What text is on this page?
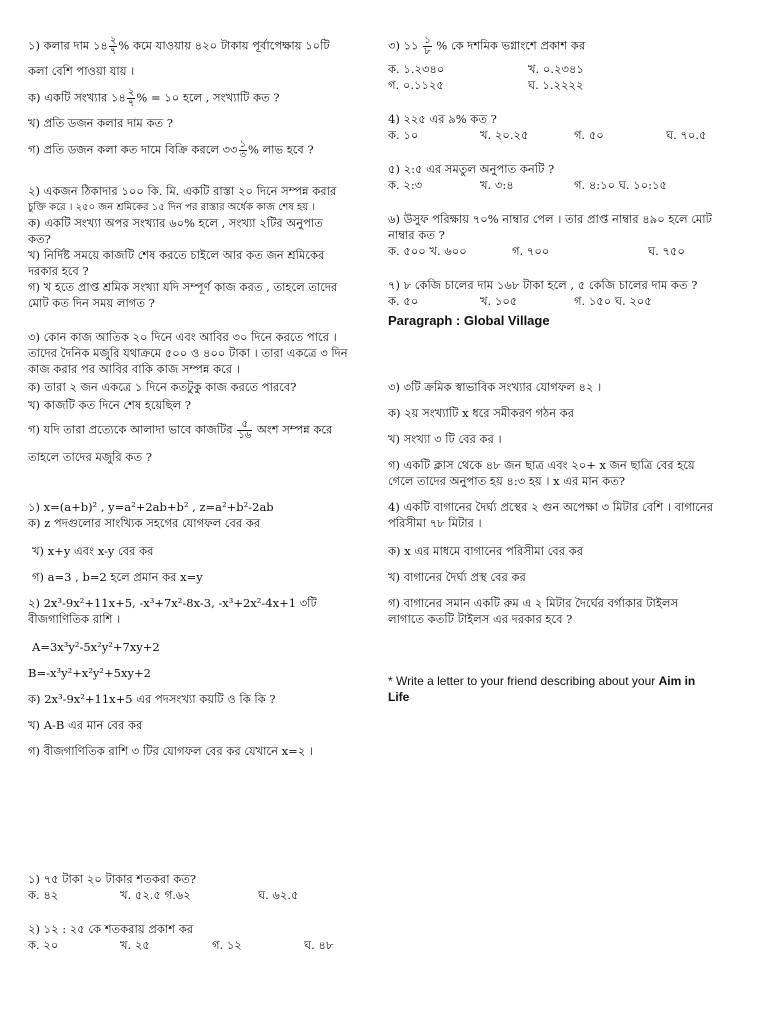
১) কলার দাম ১৪ $\frac{২}{৭}$ % কমে যাওয়ায় ৪২০ টাকায় পূর্বাপেক্ষায় ১০টি
কলা বেশি পাওয়া যায় ।
ক) একটি সংখ্যার ১৪ $\frac{২}{৭}$ % = ১০ হলে , সংখ্যাটি কত ?
খ) প্রতি ডজন কলার দাম কত ?
গ) প্রতি ডজন কলা কত দামে বিক্রি করলে ৩৩ $\frac{১}{৩}$ % লাভ হবে ?
২) একজন ঠিকাদার ১০০ কি. মি. একটি রাস্তা ২০ দিনে সম্পন্ন করার
চুক্তি করে । ২৫০ জন শ্রমিকের ১৫ দিন পর রাস্তার অর্ধেক কাজ শেষ হয় ।
ক) একটি সংখ্যা অপর সংখ্যার ৬০% হলে , সংখ্যা ২টির অনুপাত
কত?
খ) নির্দিষ্ট সময়ে কাজটি শেষ করতে চাইলে আর কত জন শ্রমিকের
দরকার হবে ?
গ) খ হতে প্রাপ্ত শ্রমিক সংখ্যা যদি সম্পূর্ণ কাজ করত , তাহলে তাদের
মোট কত দিন সময় লাগত ?
৩) কোন কাজ আতিক ২০ দিনে এবং আবির ৩০ দিনে করতে পারে ।
তাদের দৈনিক মজুরি যথাক্রমে ৫০০ ও ৪০০ টাকা । তারা একত্রে ৩ দিন
কাজ করার পর আবির বাকি কাজ সম্পন্ন করে ।
ক) তারা ২ জন একত্রে ১ দিনে কতটুকু কাজ করতে পারবে?
খ) কাজটি কত দিনে শেষ হয়েছিল ?
গ) যদি তারা প্রত্যেকে আলাদা ভাবে কাজটির $\frac{৫}{১৬}$ অংশ সম্পন্ন করে
তাহলে তাদের মজুরি কত ?
১) x=(a+b)² , y=a²+2ab+b² , z=a²+b²-2ab
ক) z পদগুলোর সাংখ্যিক সহগের যোগফল বের কর
খ) x+y এবং x-y বের কর
গ) a=3 , b=2 হলে প্রমান কর x=y
২) 2x³-9x²+11x+5, -x³+7x²-8x-3, -x³+2x²-4x+1 ৩টি
বীজগাণিতিক রাশি ।
A=3x³y²-5x²y²+7xy+2
B=-x³y²+x²y²+5xy+2
ক) 2x³-9x²+11x+5 এর পদসংখ্যা কয়টি ও কি কি ?
খ) A-B এর মান বের কর
গ) বীজগাণিতিক রাশি ৩ টির যোগফল বের কর যেখানে x=২ ।
১) ৭৫ টাকা ২০ টাকার শতকরা কত?
ক. ৪২	খ. ৫২.৫ গ.৬২	ঘ. ৬২.৫
২) ১২ : ২৫ কে শতকরায় প্রকাশ কর
ক. ২০	খ. ২৫	গ. ১২	ঘ. ৪৮
৩) ১১ $\frac{১}{৮}$ % কে দশমিক ভগ্নাংশে প্রকাশ কর
ক. ১.২৩৪০	খ. ০.২৩৪১
গ. ০.১১২৫	ঘ. ১.২২২২
4) ২২৫ এর ৯% কত ?
ক. ১০	খ. ২০.২৫	গ. ৫০	ঘ. ৭০.৫
৫) ২:৫ এর সমতুল অনুপাত কনটি ?
ক. ২:৩	খ. ৩:৪	গ. ৪:১০ ঘ. ১০:১৫
৬) উসুফ পরিক্ষায় ৭০% নাম্বার পেল । তার প্রাপ্ত নাম্বার ৪৯০ হলে মোট
নাম্বার কত ?
ক. ৫০০ খ. ৬০০	গ. ৭০০	ঘ. ৭৫০
৭) ৮ কেজি চালের দাম ১৬৮ টাকা হলে , ৫ কেজি চালের দাম কত ?
ক. ৫০	খ. ১০৫	গ. ১৫০ ঘ. ২০৫
Paragraph : Global Village
৩) ৩টি ক্রমিক স্বাভাবিক সংখ্যার যোগফল ৪২ ।
ক) ২য় সংখ্যাটি x ধরে সমীকরণ গঠন কর
খ) সংখ্যা ৩ টি বের কর ।
গ) একটি ক্লাস থেকে ৪৮ জন ছাত্র এবং ২০+ x জন ছাত্রি বের হয়ে
গেলে তাদের অনুপাত হয় ৪:৩ হয় । x এর মান কত?
4) একটি বাগানের দৈর্ঘ্য প্রস্থের ২ গুন অপেক্ষা ৩ মিটার বেশি । বাগানের
পরিসীমা ৭৮ মিটার ।
ক) x এর মাধমে বাগানের পরিসীমা বের কর
খ) বাগানের দৈর্ঘ্য প্রস্থ বের কর
গ) বাগানের সমান একটি রুম এ ২ মিটার দৈর্ঘের বর্গাকার টাইলস
লাগাতে কতটি টাইলস এর দরকার হবে ?
* Write a letter to your friend describing about your Aim in
Life
